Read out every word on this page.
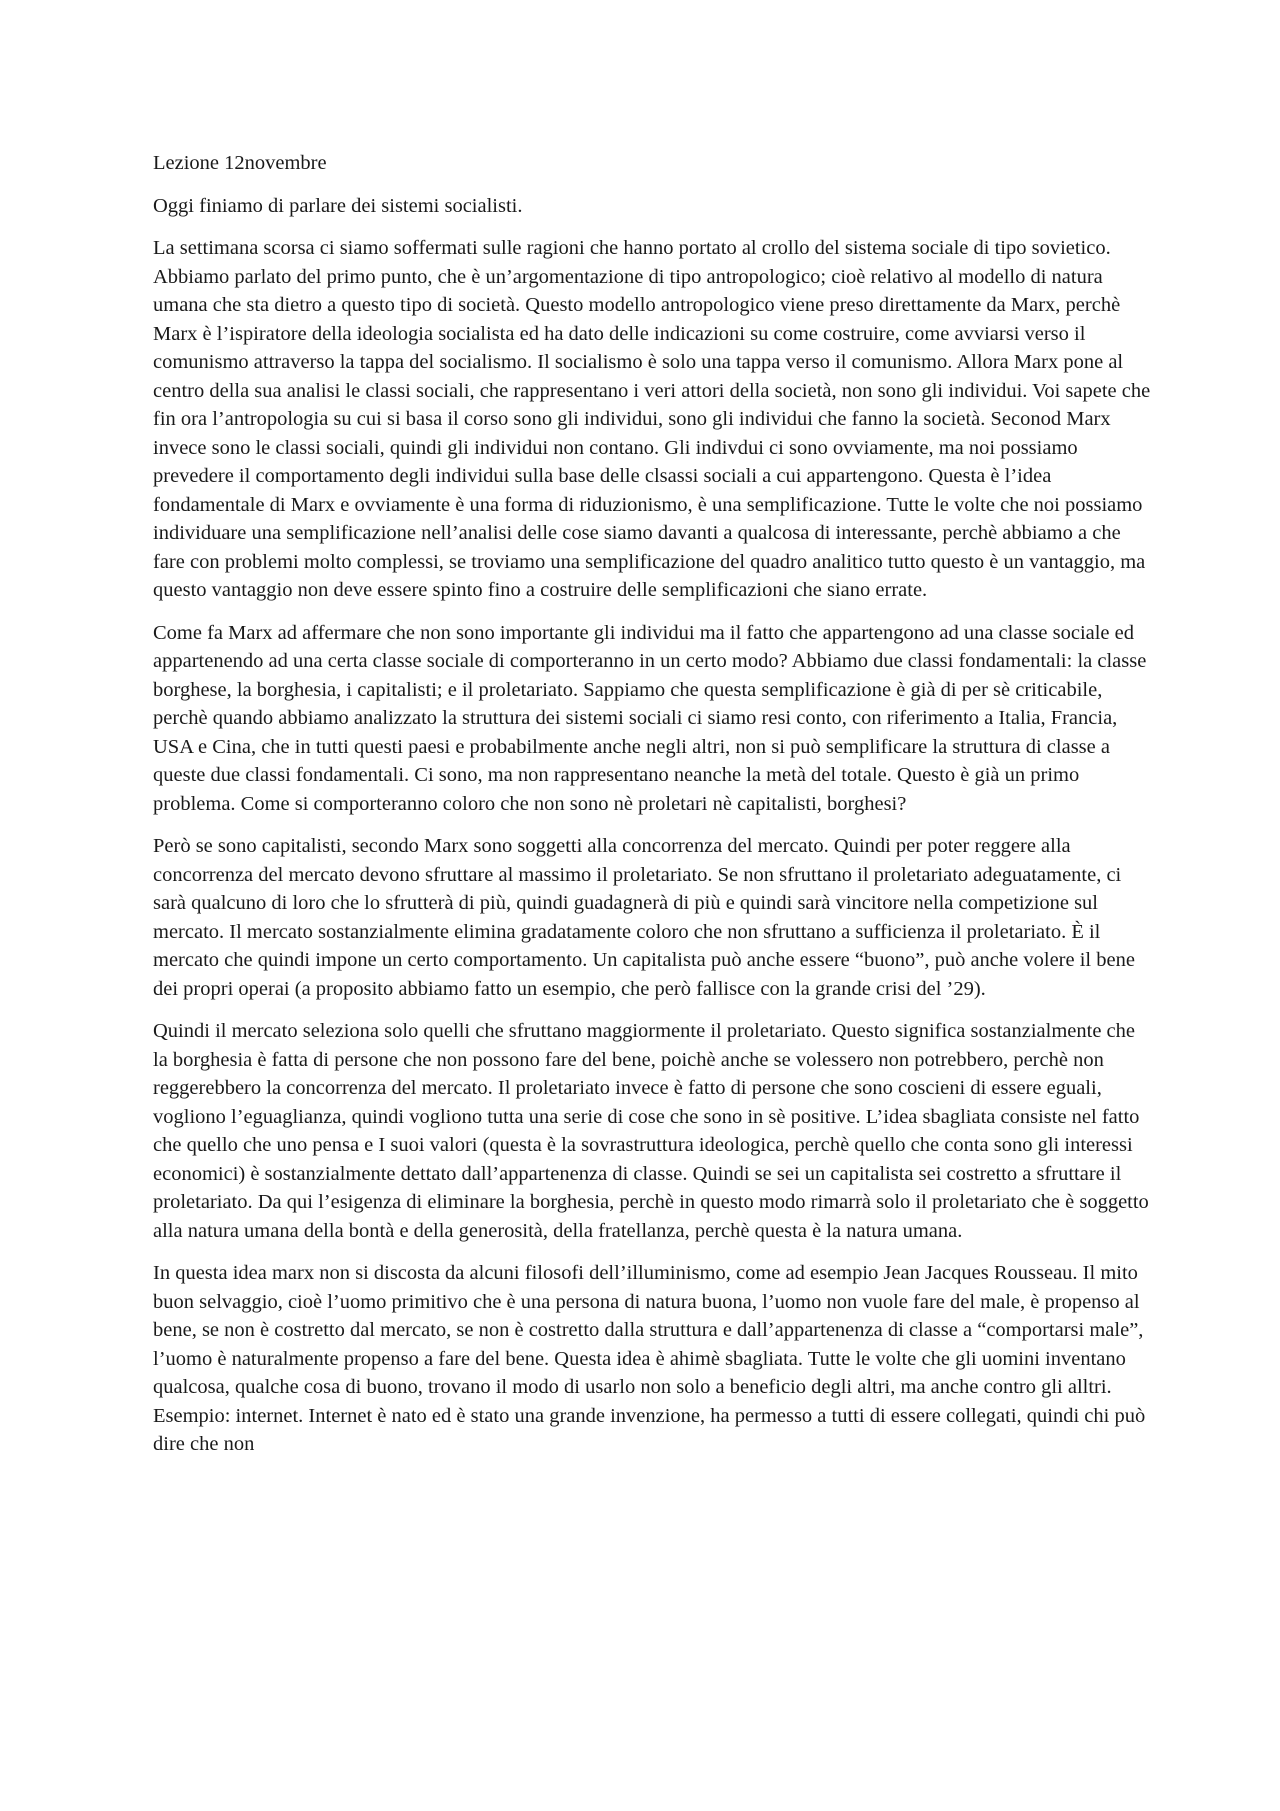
Lezione 12novembre

Oggi finiamo di parlare dei sistemi socialisti.

La settimana scorsa ci siamo soffermati sulle ragioni che hanno portato al crollo del sistema sociale di tipo sovietico. Abbiamo parlato del primo punto, che è un’argomentazione di tipo antropologico; cioè relativo al modello di natura umana che sta dietro a questo tipo di società. Questo modello antropologico viene preso direttamente da Marx, perchè Marx è l’ispiratore della ideologia socialista ed ha dato delle indicazioni su come costruire, come avviarsi verso il comunismo attraverso la tappa del socialismo. Il socialismo è solo una tappa verso il comunismo. Allora Marx pone al centro della sua analisi le classi sociali, che rappresentano i veri attori della società, non sono gli individui. Voi sapete che fin ora l’antropologia su cui si basa il corso sono gli individui, sono gli individui che fanno la società. Seconod Marx invece sono le classi sociali, quindi gli individui non contano. Gli indivdui ci sono ovviamente, ma noi possiamo prevedere il comportamento degli individui sulla base delle clsassi sociali a cui appartengono. Questa è l’idea fondamentale di Marx e ovviamente è una forma di riduzionismo, è una semplificazione. Tutte le volte che noi possiamo individuare una semplificazione nell’analisi delle cose siamo davanti a qualcosa di interessante, perchè abbiamo a che fare con problemi molto complessi, se troviamo una semplificazione del quadro analitico tutto questo è un vantaggio, ma questo vantaggio non deve essere spinto fino a costruire delle semplificazioni che siano errate.

Come fa Marx ad affermare che non sono importante gli individui ma il fatto che appartengono ad una classe sociale ed appartenendo ad una certa classe sociale di comporteranno in un certo modo? Abbiamo due classi fondamentali: la classe borghese, la borghesia, i capitalisti; e il proletariato. Sappiamo che questa semplificazione è già di per sè criticabile, perchè quando abbiamo analizzato la struttura dei sistemi sociali ci siamo resi conto, con riferimento a Italia, Francia, USA e Cina, che in tutti questi paesi e probabilmente anche negli altri, non si può semplificare la struttura di classe a queste due classi fondamentali. Ci sono, ma non rappresentano neanche la metà del totale. Questo è già un primo problema. Come si comporteranno coloro che non sono nè proletari nè capitalisti, borghesi?

Però se sono capitalisti, secondo Marx sono soggetti alla concorrenza del mercato. Quindi per poter reggere alla concorrenza del mercato devono sfruttare al massimo il proletariato. Se non sfruttano il proletariato adeguatamente, ci sarà qualcuno di loro che lo sfrutterà di più, quindi guadagnerà di più e quindi sarà vincitore nella competizione sul mercato. Il mercato sostanzialmente elimina gradatamente coloro che non sfruttano a sufficienza il proletariato. È il mercato che quindi impone un certo comportamento. Un capitalista può anche essere “buono”, può anche volere il bene dei propri operai (a proposito abbiamo fatto un esempio, che però fallisce con la grande crisi del ’29).

Quindi il mercato seleziona solo quelli che sfruttano maggiormente il proletariato. Questo significa sostanzialmente che la borghesia è fatta di persone che non possono fare del bene, poichè anche se volessero non potrebbero, perchè non reggerebbero la concorrenza del mercato. Il proletariato invece è fatto di persone che sono coscieni di essere eguali, vogliono l’eguaglianza, quindi vogliono tutta una serie di cose che sono in sè positive. L’idea sbagliata consiste nel fatto che quello che uno pensa e I suoi valori (questa è la sovrastruttura ideologica, perchè quello che conta sono gli interessi economici) è sostanzialmente dettato dall’appartenenza di classe. Quindi se sei un capitalista sei costretto a sfruttare il proletariato. Da qui l’esigenza di eliminare la borghesia, perchè in questo modo rimarrà solo il proletariato che è soggetto alla natura umana della bontà e della generosità, della fratellanza, perchè questa è la natura umana.

In questa idea marx non si discosta da alcuni filosofi dell’illuminismo, come ad esempio Jean Jacques Rousseau. Il mito buon selvaggio, cioè l’uomo primitivo che è una persona di natura buona, l’uomo non vuole fare del male, è propenso al bene, se non è costretto dal mercato, se non è costretto dalla struttura e dall’appartenenza di classe a “comportarsi male”, l’uomo è naturalmente propenso a fare del bene. Questa idea è ahimè sbagliata. Tutte le volte che gli uomini inventano qualcosa, qualche cosa di buono, trovano il modo di usarlo non solo a beneficio degli altri, ma anche contro gli alltri. Esempio: internet. Internet è nato ed è stato una grande invenzione, ha permesso a tutti di essere collegati, quindi chi può dire che non
